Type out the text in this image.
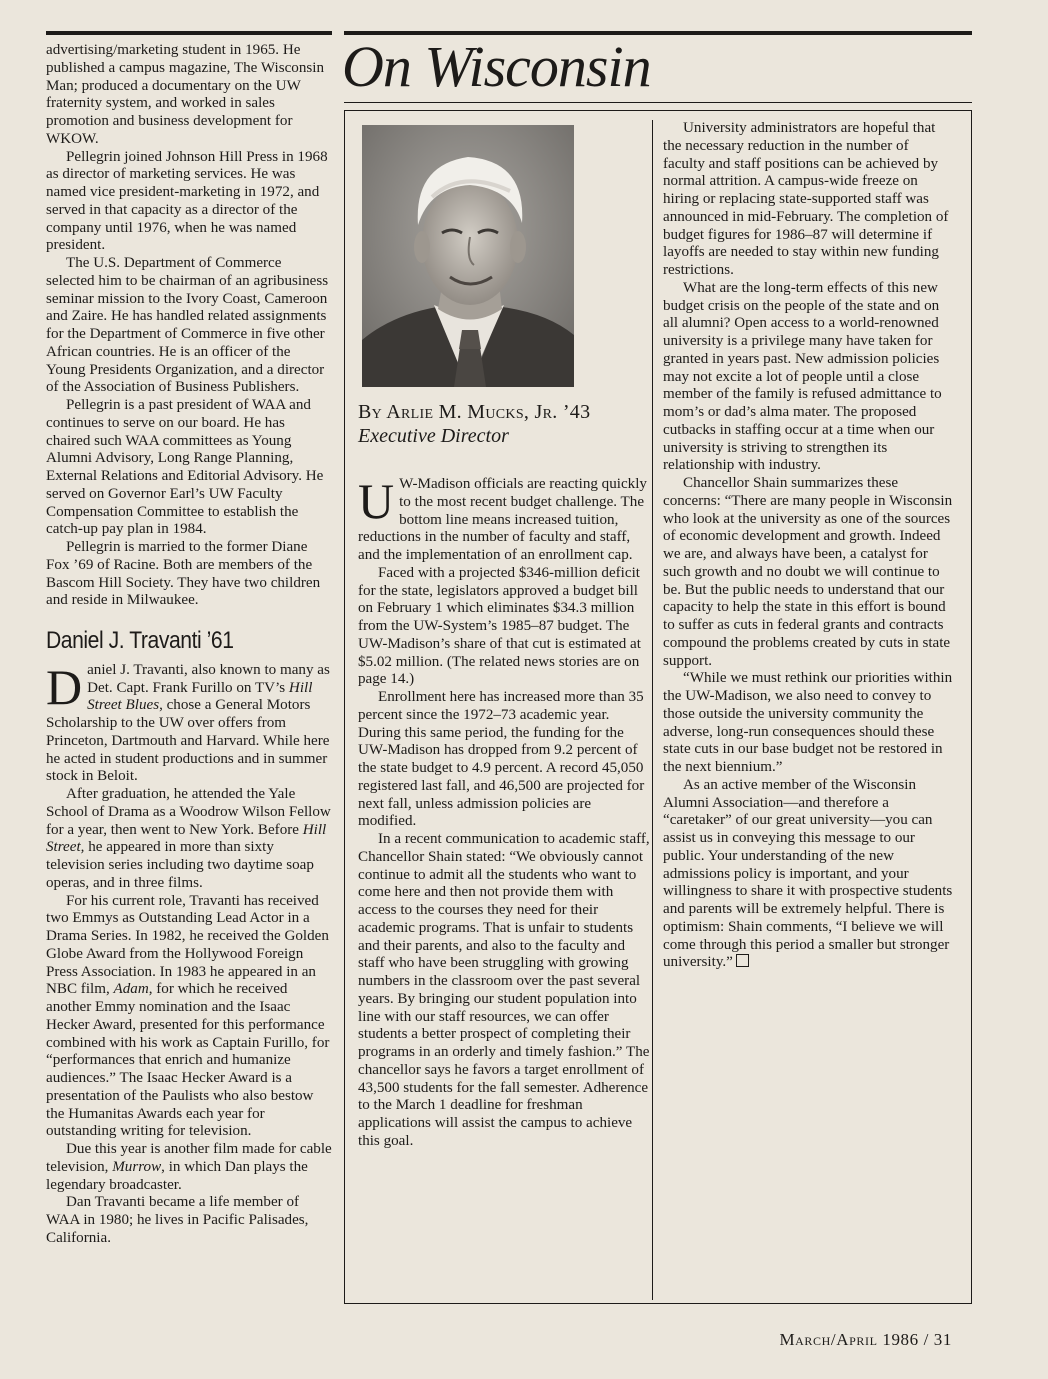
On Wisconsin
By Arlie M. Mucks, Jr. ’43
Executive Director

advertising/marketing student in 1965. He published a campus magazine, The Wisconsin Man; produced a documentary on the UW fraternity system, and worked in sales promotion and business development for WKOW.

Pellegrin joined Johnson Hill Press in 1968 as director of marketing services. He was named vice president-marketing in 1972, and served in that capacity as a director of the company until 1976, when he was named president.

The U.S. Department of Commerce selected him to be chairman of an agribusiness seminar mission to the Ivory Coast, Cameroon and Zaire. He has handled related assignments for the Department of Commerce in five other African countries. He is an officer of the Young Presidents Organization, and a director of the Association of Business Publishers.

Pellegrin is a past president of WAA and continues to serve on our board. He has chaired such WAA committees as Young Alumni Advisory, Long Range Planning, External Relations and Editorial Advisory. He served on Governor Earl’s UW Faculty Compensation Committee to establish the catch-up pay plan in 1984.

Pellegrin is married to the former Diane Fox ’69 of Racine. Both are members of the Bascom Hill Society. They have two children and reside in Milwaukee.

Daniel J. Travanti ’61

Daniel J. Travanti, also known to many as Det. Capt. Frank Furillo on TV’s Hill Street Blues, chose a General Motors Scholarship to the UW over offers from Princeton, Dartmouth and Harvard. While here he acted in student productions and in summer stock in Beloit.

After graduation, he attended the Yale School of Drama as a Woodrow Wilson Fellow for a year, then went to New York. Before Hill Street, he appeared in more than sixty television series including two daytime soap operas, and in three films.

For his current role, Travanti has received two Emmys as Outstanding Lead Actor in a Drama Series. In 1982, he received the Golden Globe Award from the Hollywood Foreign Press Association. In 1983 he appeared in an NBC film, Adam, for which he received another Emmy nomination and the Isaac Hecker Award, presented for this performance combined with his work as Captain Furillo, for “performances that enrich and humanize audiences.” The Isaac Hecker Award is a presentation of the Paulists who also bestow the Humanitas Awards each year for outstanding writing for television.

Due this year is another film made for cable television, Murrow, in which Dan plays the legendary broadcaster.

Dan Travanti became a life member of WAA in 1980; he lives in Pacific Palisades, California.

U W-Madison officials are reacting quickly to the most recent budget challenge. The bottom line means increased tuition, reductions in the number of faculty and staff, and the implementation of an enrollment cap.

Faced with a projected $346-million deficit for the state, legislators approved a budget bill on February 1 which eliminates $34.3 million from the UW-System’s 1985–87 budget. The UW-Madison’s share of that cut is estimated at $5.02 million. (The related news stories are on page 14.)

Enrollment here has increased more than 35 percent since the 1972–73 academic year. During this same period, the funding for the UW-Madison has dropped from 9.2 percent of the state budget to 4.9 percent. A record 45,050 registered last fall, and 46,500 are projected for next fall, unless admission policies are modified.

In a recent communication to academic staff, Chancellor Shain stated: “We obviously cannot continue to admit all the students who want to come here and then not provide them with access to the courses they need for their academic programs. That is unfair to students and their parents, and also to the faculty and staff who have been struggling with growing numbers in the classroom over the past several years. By bringing our student population into line with our staff resources, we can offer students a better prospect of completing their programs in an orderly and timely fashion.” The chancellor says he favors a target enrollment of 43,500 students for the fall semester. Adherence to the March 1 deadline for freshman applications will assist the campus to achieve this goal.

University administrators are hopeful that the necessary reduction in the number of faculty and staff positions can be achieved by normal attrition. A campus-wide freeze on hiring or replacing state-supported staff was announced in mid-February. The completion of budget figures for 1986–87 will determine if layoffs are needed to stay within new funding restrictions.

What are the long-term effects of this new budget crisis on the people of the state and on all alumni? Open access to a world-renowned university is a privilege many have taken for granted in years past. New admission policies may not excite a lot of people until a close member of the family is refused admittance to mom’s or dad’s alma mater. The proposed cutbacks in staffing occur at a time when our university is striving to strengthen its relationship with industry.

Chancellor Shain summarizes these concerns: “There are many people in Wisconsin who look at the university as one of the sources of economic development and growth. Indeed we are, and always have been, a catalyst for such growth and no doubt we will continue to be. But the public needs to understand that our capacity to help the state in this effort is bound to suffer as cuts in federal grants and contracts compound the problems created by cuts in state support.

“While we must rethink our priorities within the UW-Madison, we also need to convey to those outside the university community the adverse, long-run consequences should these state cuts in our base budget not be restored in the next biennium.”

As an active member of the Wisconsin Alumni Association—and therefore a “caretaker” of our great university—you can assist us in conveying this message to our public. Your understanding of the new admissions policy is important, and your willingness to share it with prospective students and parents will be extremely helpful. There is optimism: Shain comments, “I believe we will come through this period a smaller but stronger university.”

March/April 1986 / 31
